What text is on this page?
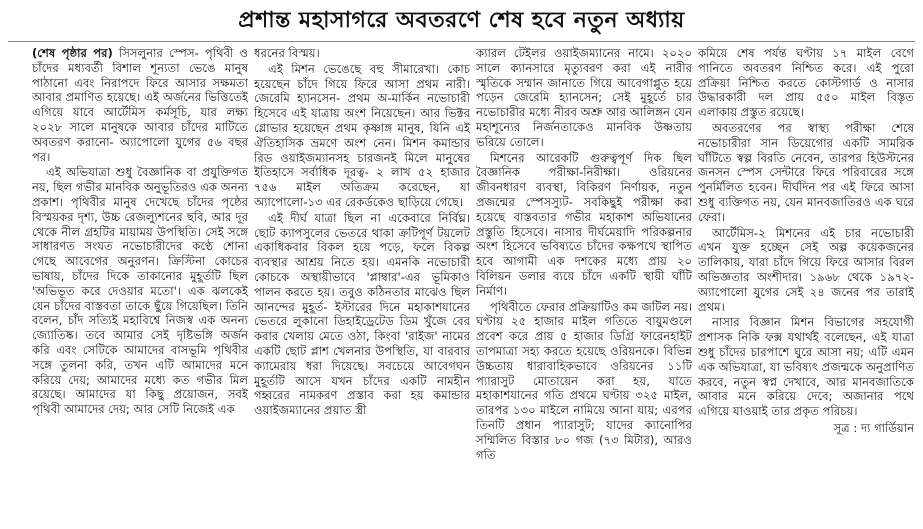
প্রশান্ত মহাসাগরে অবতরণে শেষ হবে নতুন অধ্যায়

(শেষ পৃষ্ঠার পর) সিসলুনার স্পেস- পৃথিবী ও চাঁদের মধ্যবর্তী বিশাল শূন্যতা ভেঙে মানুষ পাঠানো এবং নিরাপদে ফিরে আসার সক্ষমতা আবার প্রমাণিত হয়েছে। এই অর্জনের ভিত্তিতেই এগিয়ে যাবে আর্টেমিস কর্মসূচি, যার লক্ষ্য ২০২৮ সালে মানুষকে আবার চাঁদের মাটিতে অবতরণ করানো- অ্যাপোলো যুগের ৫৬ বছর পর।

এই অভিযাত্রা শুধু বৈজ্ঞানিক বা প্রযুক্তিগত নয়, ছিল গভীর মানবিক অনুভূতিরও এক অনন্য প্রকাশ। পৃথিবীর মানুষ দেখেছে চাঁদের পৃষ্ঠের বিস্ময়কর দৃশ্য, উচ্চ রেজল্যুশনের ছবি, আর দূর থেকে নীল গ্রহটির মায়াময় উপস্থিতি। সেই সঙ্গে সাধারণত সংযত নভোচারীদের কণ্ঠে শোনা গেছে আবেগের অনুরণন। ক্রিস্টিনা কোচের ভাষায়, চাঁদের দিকে তাকানোর মুহূর্তটি ছিল 'অভিভূত করে দেওয়ার মতো'। এক ঝলকেই যেন চাঁদের বাস্তবতা তাকে ছুঁয়ে গিয়েছিল। তিনি বলেন, চাঁদ সত্যিই মহাবিশ্বে নিজস্ব এক অনন্য জ্যোতিষ্ক। তবে আমার সেই দৃষ্টিভঙ্গি অর্জন করি এবং সেটিকে আমাদের বাসভূমি পৃথিবীর সঙ্গে তুলনা করি, তখন এটি আমাদের মনে করিয়ে দেয়; আমাদের মধ্যে কত গভীর মিল রয়েছে। আমাদের যা কিছু প্রয়োজন, সবই পৃথিবী আমাদের দেয়; আর সেটি নিজেই এক

ধরনের বিস্ময়।

এই মিশন ভেঙেছে বহু সীমারেখা। কোচ হয়েছেন চাঁদে গিয়ে ফিরে আসা প্রথম নারী। জেরেমি হ্যানসেন- প্রথম অ-মার্কিন নভোচারী হিসেবে এই যাত্রায় অংশ নিয়েছেন। আর ভিক্টর গ্লোভার হয়েছেন প্রথম কৃষ্ণাঙ্গ মানুষ, যিনি এই ঐতিহাসিক ভ্রমণে অংশ নেন। মিশন কমান্ডার রিড ওয়াইজম্যানসহ চারজনই মিলে মানুষের ইতিহাসে সর্বাধিক দূরত্ব- ২ লাখ ৫২ হাজার ৭৫৬ মাইল অতিক্রম করেছেন, যা অ্যাপোলো-১৩ এর রেকর্ডকেও ছাড়িয়ে গেছে।

এই দীর্ঘ যাত্রা ছিল না একেবারে নির্বিঘ্ন। ছোট ক্যাপসুলের ভেতরে থাকা ক্রটিপূর্ণ টয়লেট একাধিকবার বিকল হয়ে পড়ে, ফলে বিকল্প ব্যবস্থার আশ্রয় নিতে হয়। এমনকি নভোচারী কোচকে অস্থায়ীভাবে 'প্লাম্বার'-এর ভূমিকাও পালন করতে হয়। তবুও কঠিনতার মাঝেও ছিল আনন্দের মুহূর্ত- ইস্টারের দিনে মহাকাশযানের ভেতরে লুকানো ডিহাইড্রেটেড ডিম খুঁজে বের করার খেলায় মেতে ওঠা, কিংবা 'রাইজ' নামের একটি ছোট প্লাশ খেলনার উপস্থিতি, যা বারবার ক্যামেরায় ধরা দিয়েছে। সবচেয়ে আবেগঘন মুহূর্তটি আসে যখন চাঁদের একটি নামহীন গহ্বরের নামকরণ প্রস্তাব করা হয় কমান্ডার ওয়াইজম্যানের প্রয়াত স্ত্রী

ক্যারল টেইলর ওয়াইজম্যানের নামে। ২০২০ সালে ক্যানসারে মৃত্যুবরণ করা এই নারীর স্মৃতিকে সম্মান জানাতে গিয়ে আবেগাপ্লুত হয়ে পড়েন জেরেমি হ্যানসেন; সেই মুহূর্তে চার নভোচারীর মধ্যে নীরব অশ্রু আর আলিঙ্গন যেন মহাশূন্যের নির্জনতাকেও মানবিক উষ্ণতায় ভরিয়ে তোলে।

মিশনের আরেকটি গুরুত্বপূর্ণ দিক ছিল বৈজ্ঞানিক পরীক্ষা-নিরীক্ষা। ওরিয়নের জীবনধারণ ব্যবস্থা, বিকিরণ নির্ণায়ক, নতুন প্রজন্মের স্পেসস্যুট- সবকিছুই পরীক্ষা করা হয়েছে বাস্তবতার গভীর মহাকাশ অভিযানের প্রস্তুতি হিসেবে। নাসার দীর্ঘমেয়াদি পরিকল্পনার অংশ হিসেবে ভবিষ্যতে চাঁদের কক্ষপথে স্থাপিত হবে আগামী এক দশকের মধ্যে প্রায় ২০ বিলিয়ন ডলার ব্যয়ে চাঁদে একটি স্থায়ী ঘাঁটি নির্মাণ।

পৃথিবীতে ফেরার প্রক্রিয়াটিও কম জটিল নয়। ঘণ্টায় ২৫ হাজার মাইল গতিতে বায়ুমণ্ডলে প্রবেশ করে প্রায় ৫ হাজার ডিগ্রি ফারেনহাইট তাপমাত্রা সহ্য করতে হয়েছে ওরিয়নকে। বিভিন্ন উচ্চতায় ধারাবাহিকভাবে ওরিয়নের ১১টি প্যারাসুট মোতায়েন করা হয়, যাতে মহাকাশযানের গতি প্রথমে ঘণ্টায় ৩২৫ মাইল, তারপর ১৩০ মাইলে নামিয়ে আনা যায়; এরপর তিনটি প্রধান প্যারাসুট; যাদের ক্যানোপির সম্মিলিত বিস্তার ৮০ গজ (৭৩ মিটার), আরও গতি

কমিয়ে শেষ পর্যন্ত ঘণ্টায় ১৭ মাইল বেগে পানিতে অবতরণ নিশ্চিত করে। এই পুরো প্রক্রিয়া নিশ্চিত করতে কোস্টগার্ড ও নাসার উদ্ধারকারী দল প্রায় ৫৫০ মাইল বিস্তৃত এলাকায় প্রস্তুত রয়েছে।

অবতরণের পর স্বাস্থ্য পরীক্ষা শেষে নভোচারীরা সান ডিয়েগোর একটি সামরিক ঘাঁটিতে স্বল্প বিরতি নেবেন, তারপর হিউস্টনের জনসন স্পেস সেন্টারে ফিরে পরিবারের সঙ্গে পুনর্মিলিত হবেন। দীর্ঘদিন পর এই ফিরে আসা শুধু ব্যক্তিগত নয়, যেন মানবজাতিরও এক ঘরে ফেরা।

আর্টেমিস-২ মিশনের এই চার নভোচারী এখন যুক্ত হচ্ছেন সেই অল্প কয়েকজনের তালিকায়, যারা চাঁদে গিয়ে ফিরে আসার বিরল অভিজ্ঞতার অংশীদার। ১৯৬৮ থেকে ১৯৭২- অ্যাপোলো যুগের সেই ২৪ জনের পর তারাই প্রথম।

নাসার বিজ্ঞান মিশন বিভাগের সহযোগী প্রশাসক নিকি ফক্স যথার্থই বলেছেন, এই যাত্রা শুধু চাঁদের চারপাশে ঘুরে আসা নয়; এটি এমন এক অভিযাত্রা, যা ভবিষ্যৎ প্রজন্মকে অনুপ্রাণিত করবে, নতুন স্বপ্ন দেখাবে, আর মানবজাতিকে আবার মনে করিয়ে দেবে; অজানার পথে এগিয়ে যাওয়াই তার প্রকৃত পরিচয়।

সূত্র : দ্য গার্ডিয়ান
